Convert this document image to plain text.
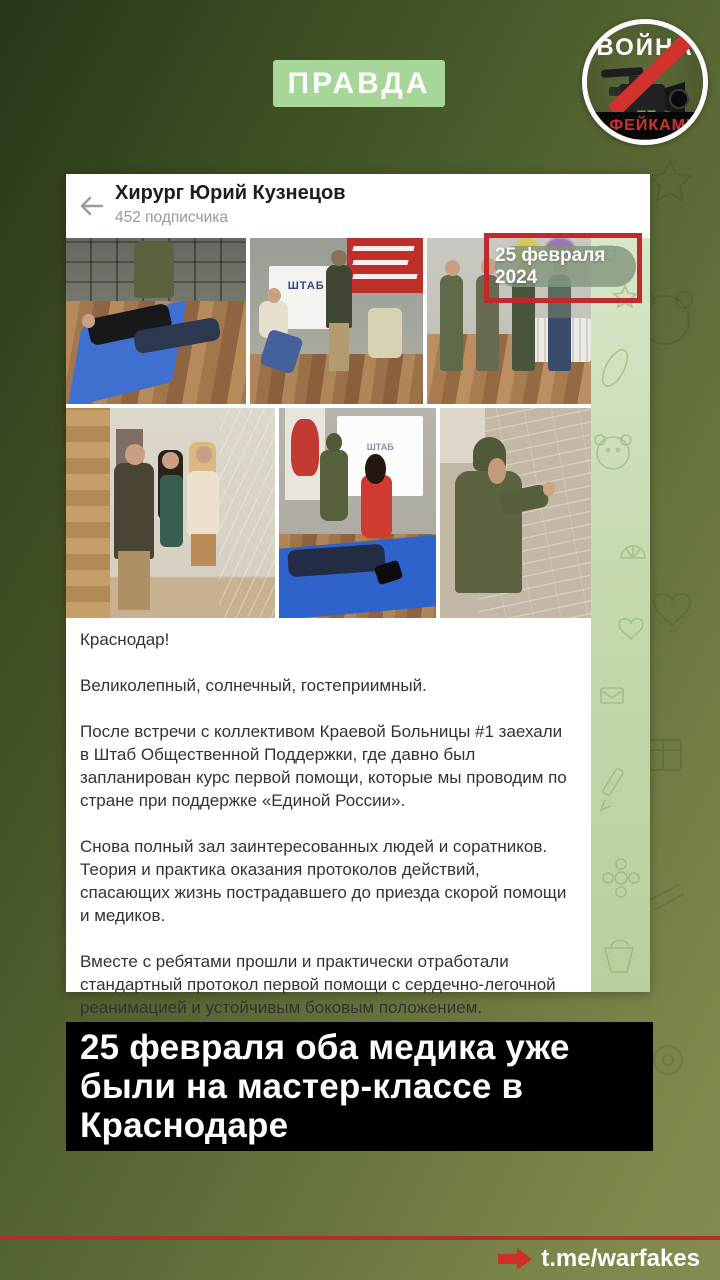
ПРАВДА
ВОЙНА
С ФЕЙКАМИ
Хирург Юрий Кузнецов
452 подписчика
ШТАБ
ШТАБ

Краснодар!

Великолепный, солнечный, гостеприимный.

После встречи с коллективом Краевой Больницы #1 заехали в Штаб Общественной Поддержки, где давно был запланирован курс первой помощи, которые мы проводим по стране при поддержке «Единой России».

Снова полный зал заинтересованных людей и соратников. Теория и практика оказания протоколов действий, спасающих жизнь пострадавшего до приезда скорой помощи и медиков.

Вместе с ребятами прошли и практически отработали стандартный протокол первой помощи с сердечно-легочной реанимацией и устойчивым боковым положением.

25 февраля 2024
25 февраля оба медика уже
были на мастер-классе в
Краснодаре
t.me/warfakes
